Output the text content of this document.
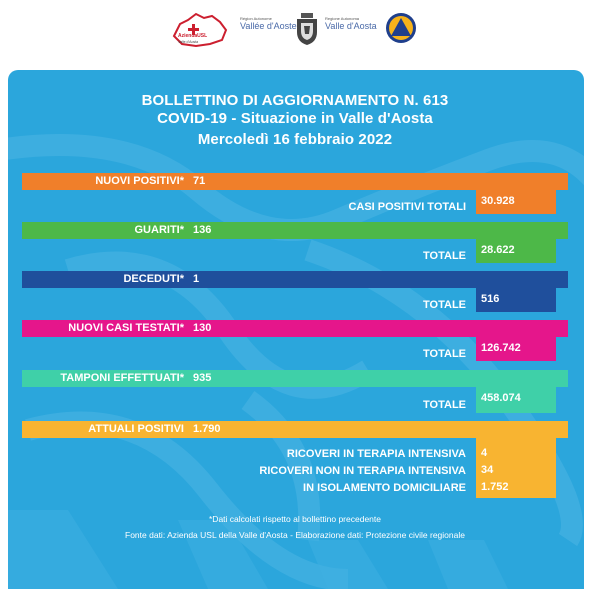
AziendaUSL
Valle d'Aosta
Région Autonome
Vallée d'Aoste
Regione Autonoma
Valle d'Aosta
BOLLETTINO DI AGGIORNAMENTO N. 613
COVID-19 - Situazione in Valle d'Aosta
Mercoledì 16 febbraio 2022
NUOVI POSITIVI* 71
CASI POSITIVI TOTALI 30.928
GUARITI* 136
TOTALE 28.622
DECEDUTI* 1
TOTALE 516
NUOVI CASI TESTATI* 130
TOTALE 126.742
TAMPONI EFFETTUATI* 935
TOTALE
458.074
ATTUALI POSITIVI 1.790
RICOVERI IN TERAPIA INTENSIVA 4
RICOVERI NON IN TERAPIA INTENSIVA 34
IN ISOLAMENTO DOMICILIARE 1.752
*Dati calcolati rispetto al bollettino precedente
Fonte dati: Azienda USL della Valle d'Aosta - Elaborazione dati: Protezione civile regionale
